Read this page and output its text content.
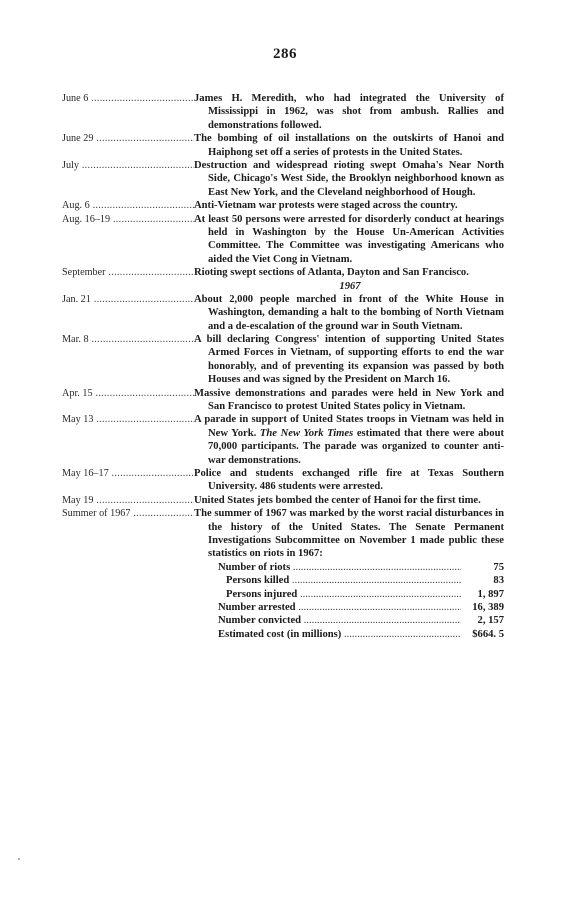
286
June 6 .....	James H. Meredith, who had integrated the University of Mississippi in 1962, was shot from ambush. Rallies and demonstrations followed.
June 29 .....	The bombing of oil installations on the outskirts of Hanoi and Haiphong set off a series of protests in the United States.
July .....	Destruction and widespread rioting swept Omaha's Near North Side, Chicago's West Side, the Brooklyn neighborhood known as East New York, and the Cleveland neighborhood of Hough.
Aug. 6 .....	Anti-Vietnam war protests were staged across the country.
Aug. 16–19 .....	At least 50 persons were arrested for disorderly conduct at hearings held in Washington by the House Un-American Activities Committee. The Committee was investigating Americans who aided the Viet Cong in Vietnam.
September .....	Rioting swept sections of Atlanta, Dayton and San Francisco.
1967
Jan. 21 .....	About 2,000 people marched in front of the White House in Washington, demanding a halt to the bombing of North Vietnam and a de-escalation of the ground war in South Vietnam.
Mar. 8 .....	A bill declaring Congress' intention of supporting United States Armed Forces in Vietnam, of supporting efforts to end the war honorably, and of preventing its expansion was passed by both Houses and was signed by the President on March 16.
Apr. 15 .....	Massive demonstrations and parades were held in New York and San Francisco to protest United States policy in Vietnam.
May 13 .....	A parade in support of United States troops in Vietnam was held in New York. The New York Times estimated that there were about 70,000 participants. The parade was organized to counter anti-war demonstrations.
May 16–17 .....	Police and students exchanged rifle fire at Texas Southern University. 486 students were arrested.
May 19 .....	United States jets bombed the center of Hanoi for the first time.
Summer of 1967 .....	The summer of 1967 was marked by the worst racial disturbances in the history of the United States. The Senate Permanent Investigations Subcommittee on November 1 made public these statistics on riots in 1967:
Number of riots .....	75
Persons killed .....	83
Persons injured .....	1, 897
Number arrested .....	16, 389
Number convicted .....	2, 157
Estimated cost (in millions) .....	$664. 5
